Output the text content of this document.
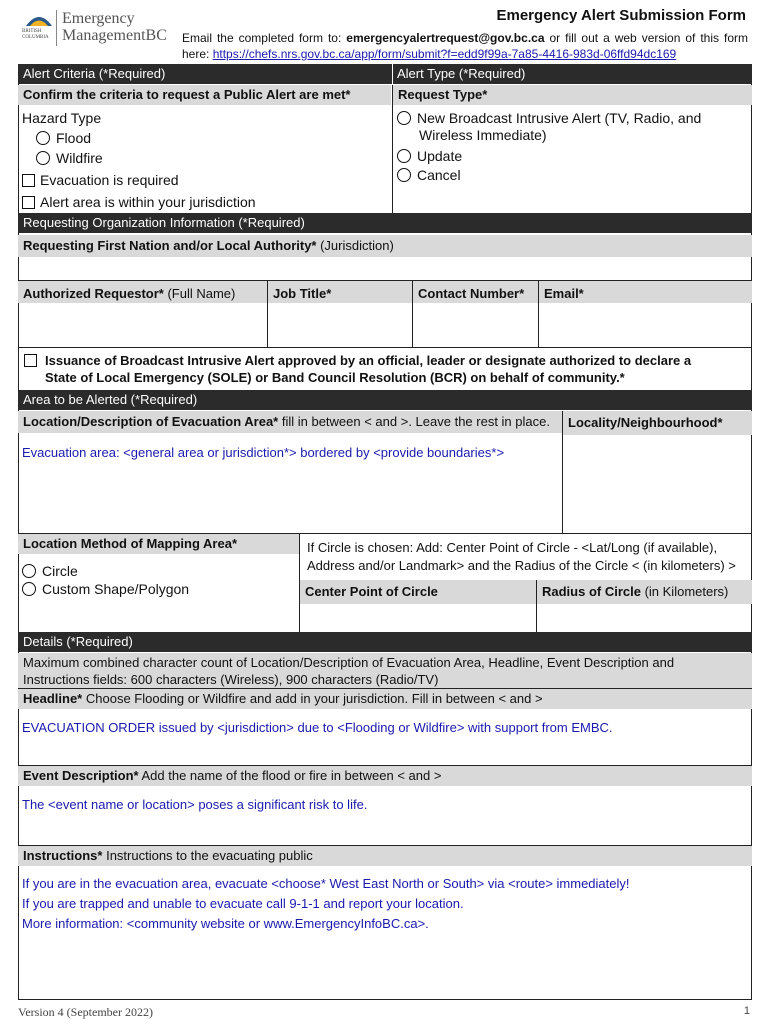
BRITISH
COLUMBIA
Emergency
ManagementBC
Emergency Alert Submission Form
Email the completed form to: emergencyalertrequest@gov.bc.ca or fill out a web version of this form here: https://chefs.nrs.gov.bc.ca/app/form/submit?f=edd9f99a-7a85-4416-983d-06ffd94dc169
Alert Criteria (*Required)	Alert Type (*Required)
Confirm the criteria to request a Public Alert are met*	Request Type*
Hazard Type
Flood
Wildfire
Evacuation is required
Alert area is within your jurisdiction
New Broadcast Intrusive Alert (TV, Radio, and
Wireless Immediate)
Update
Cancel
Requesting Organization Information (*Required)
Requesting First Nation and/or Local Authority* (Jurisdiction)
Authorized Requestor* (Full Name)	Job Title*	Contact Number* Email*
Issuance of Broadcast Intrusive Alert approved by an official, leader or designate authorized to declare a
State of Local Emergency (SOLE) or Band Council Resolution (BCR) on behalf of community.*
Area to be Alerted (*Required)
Location/Description of Evacuation Area* fill in between < and >. Leave the rest in place.	Locality/Neighbourhood*
Evacuation area: <general area or jurisdiction*> bordered by <provide boundaries*>
Location Method of Mapping Area*
Circle
Custom Shape/Polygon
If Circle is chosen: Add: Center Point of Circle - <Lat/Long (if available),
Address and/or Landmark> and the Radius of the Circle < (in kilometers) >
Center Point of Circle	Radius of Circle (in Kilometers)
Details (*Required)
Maximum combined character count of Location/Description of Evacuation Area, Headline, Event Description and
Instructions fields: 600 characters (Wireless), 900 characters (Radio/TV)
Headline* Choose Flooding or Wildfire and add in your jurisdiction. Fill in between < and >
EVACUATION ORDER issued by <jurisdiction> due to <Flooding or Wildfire> with support from EMBC.
Event Description* Add the name of the flood or fire in between < and >
The <event name or location> poses a significant risk to life.
Instructions* Instructions to the evacuating public
If you are in the evacuation area, evacuate <choose* West East North or South> via <route> immediately!
If you are trapped and unable to evacuate call 9-1-1 and report your location.
More information: <community website or www.EmergencyInfoBC.ca>.
Version 4 (September 2022)	1
